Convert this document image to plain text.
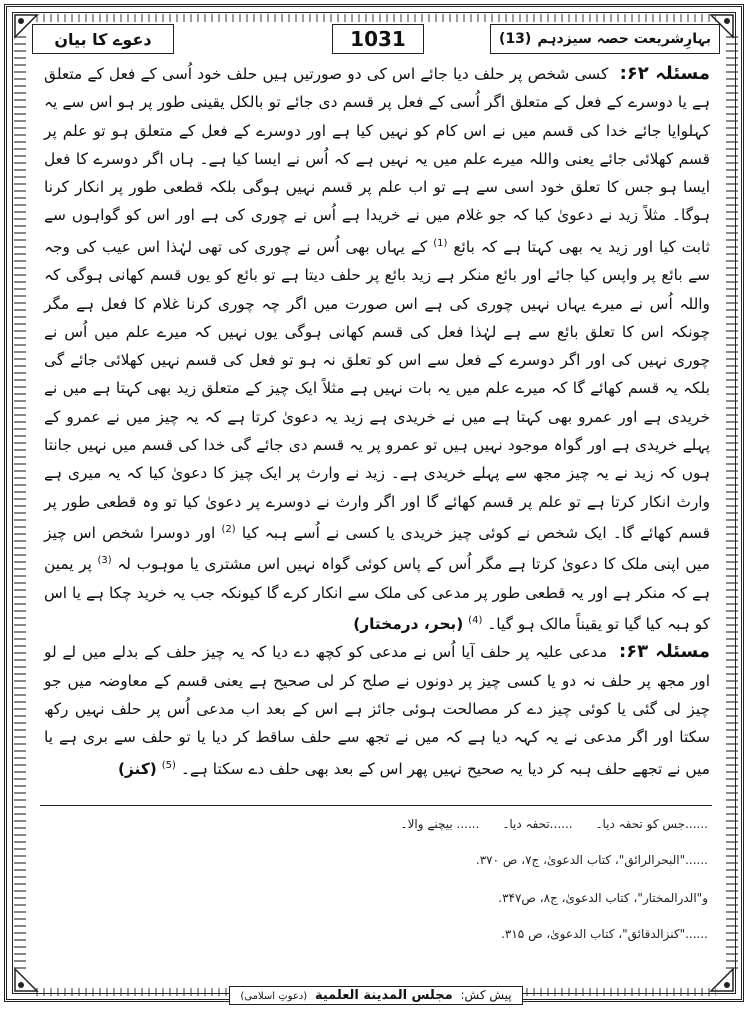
دعوے کا بیان	1031	بہارِشریعت حصہ سیزدہم
(13)
مسئلہ ۶۲: کسی شخص پر حلف دیا جائے اس کی دو صورتیں ہیں حلف خود اُسی کے فعل کے متعلق ہے یا دوسرے کے فعل کے متعلق اگر اُسی کے فعل پر قسم دی جائے تو بالکل یقینی طور پر ہو اس سے یہ کہلوایا جائے خدا کی قسم میں نے اس کام کو نہیں کیا ہے اور دوسرے کے فعل کے متعلق ہو تو علم پر قسم کھلائی جائے یعنی واللہ میرے علم میں یہ نہیں ہے کہ اُس نے ایسا کیا ہے۔ ہاں اگر دوسرے کا فعل ایسا ہو جس کا تعلق خود اسی سے ہے تو اب علم پر قسم نہیں ہوگی بلکہ قطعی طور پر انکار کرنا ہوگا۔ مثلاً زید نے دعویٰ کیا کہ جو غلام میں نے خریدا ہے اُس نے چوری کی ہے اور اس کو گواہوں سے ثابت کیا اور زید یہ بھی کہتا ہے کہ بائع $^{(1)}$ کے یہاں بھی اُس نے چوری کی تھی لہٰذا اس عیب کی وجہ سے بائع پر واپس کیا جائے اور بائع منکر ہے زید بائع پر حلف دیتا ہے تو بائع کو یوں قسم کھانی ہوگی کہ واللہ اُس نے میرے یہاں نہیں چوری کی ہے اس صورت میں اگر چہ چوری کرنا غلام کا فعل ہے مگر چونکہ اس کا تعلق بائع سے ہے لہٰذا فعل کی قسم کھانی ہوگی یوں نہیں کہ میرے علم میں اُس نے چوری نہیں کی اور اگر دوسرے کے فعل سے اس کو تعلق نہ ہو تو فعل کی قسم نہیں کھلائی جائے گی بلکہ یہ قسم کھائے گا کہ میرے علم میں یہ بات نہیں ہے مثلاً ایک چیز کے متعلق زید بھی کہتا ہے میں نے خریدی ہے اور عمرو بھی کہتا ہے میں نے خریدی ہے زید یہ دعویٰ کرتا ہے کہ یہ چیز میں نے عمرو کے پہلے خریدی ہے اور گواہ موجود نہیں ہیں تو عمرو پر یہ قسم دی جائے گی خدا کی قسم میں نہیں جانتا ہوں کہ زید نے یہ چیز مجھ سے پہلے خریدی ہے۔ زید نے وارث پر ایک چیز کا دعویٰ کیا کہ یہ میری ہے وارث انکار کرتا ہے تو علم پر قسم کھائے گا اور اگر وارث نے دوسرے پر دعویٰ کیا تو وہ قطعی طور پر قسم کھائے گا۔ ایک شخص نے کوئی چیز خریدی یا کسی نے اُسے ہبہ کیا $^{(2)}$ اور دوسرا شخص اس چیز میں اپنی ملک کا دعویٰ کرتا ہے مگر اُس کے پاس کوئی گواہ نہیں اس مشتری یا موہوب لہ $^{(3)}$ پر یمین ہے کہ منکر ہے اور یہ قطعی طور پر مدعی کی ملک سے انکار کرے گا کیونکہ جب یہ خرید چکا ہے یا اس کو ہبہ کیا گیا تو یقیناً مالک ہو گیا۔ $^{(4)}$ (بحر، درمختار)
مسئلہ ۶۳: مدعی علیہ پر حلف آیا اُس نے مدعی کو کچھ دے دیا کہ یہ چیز حلف کے بدلے میں لے لو اور مجھ پر حلف نہ دو یا کسی چیز پر دونوں نے صلح کر لی صحیح ہے یعنی قسم کے معاوضہ میں جو چیز لی گئی یا کوئی چیز دے کر مصالحت ہوئی جائز ہے اس کے بعد اب مدعی اُس پر حلف نہیں رکھ سکتا اور اگر مدعی نے یہ کہہ دیا ہے کہ میں نے تجھ سے حلف ساقط کر دیا یا تو حلف سے بری ہے یا میں نے تجھے حلف ہبہ کر دیا یہ صحیح نہیں پھر اس کے بعد بھی حلف دے سکتا ہے۔ $^{(5)}$ (کنز)
......جس کو تحفہ دیا۔      ......تحفہ دیا۔      ...... بیچنے والا۔
......"البحرالرائق"، کتاب الدعویٰ، ج۷، ص ۳۷۰.
و"الدرالمختار"، کتاب الدعویٰ، ج۸، ص۳۴۷.
......"کنزالدقائق"، کتاب الدعویٰ، ص ۳۱۵.
پیش کش: مجلس المدينة العلمية (دعوتِ اسلامی)
